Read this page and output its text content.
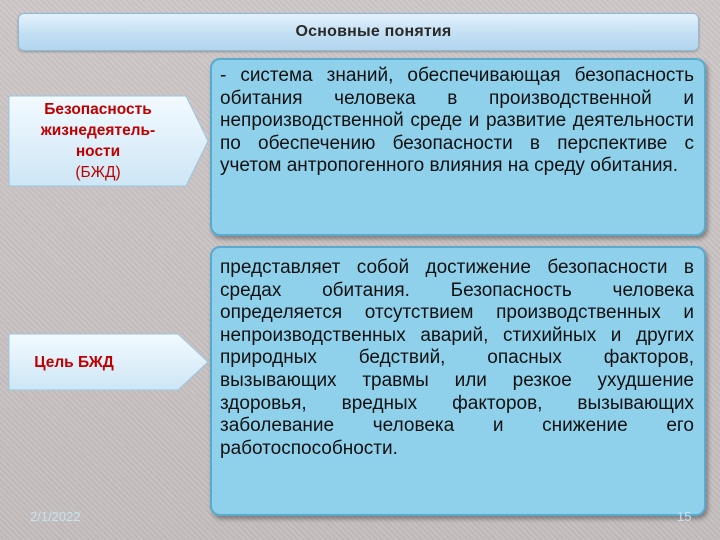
Основные понятия
Безопасность жизнедеятель-ности (БЖД)
- система знаний, обеспечивающая безопасность обитания человека в производственной и непроизводственной среде и развитие деятельности по обеспечению безопасности в перспективе с учетом антропогенного влияния на среду обитания.
Цель БЖД
представляет собой достижение безопасности в средах обитания. Безопасность человека определяется отсутствием производственных и непроизводственных аварий, стихийных и других природных бедствий, опасных факторов, вызывающих травмы или резкое ухудшение здоровья, вредных факторов, вызывающих заболевание человека и снижение его работоспособности.
2/1/2022	15
